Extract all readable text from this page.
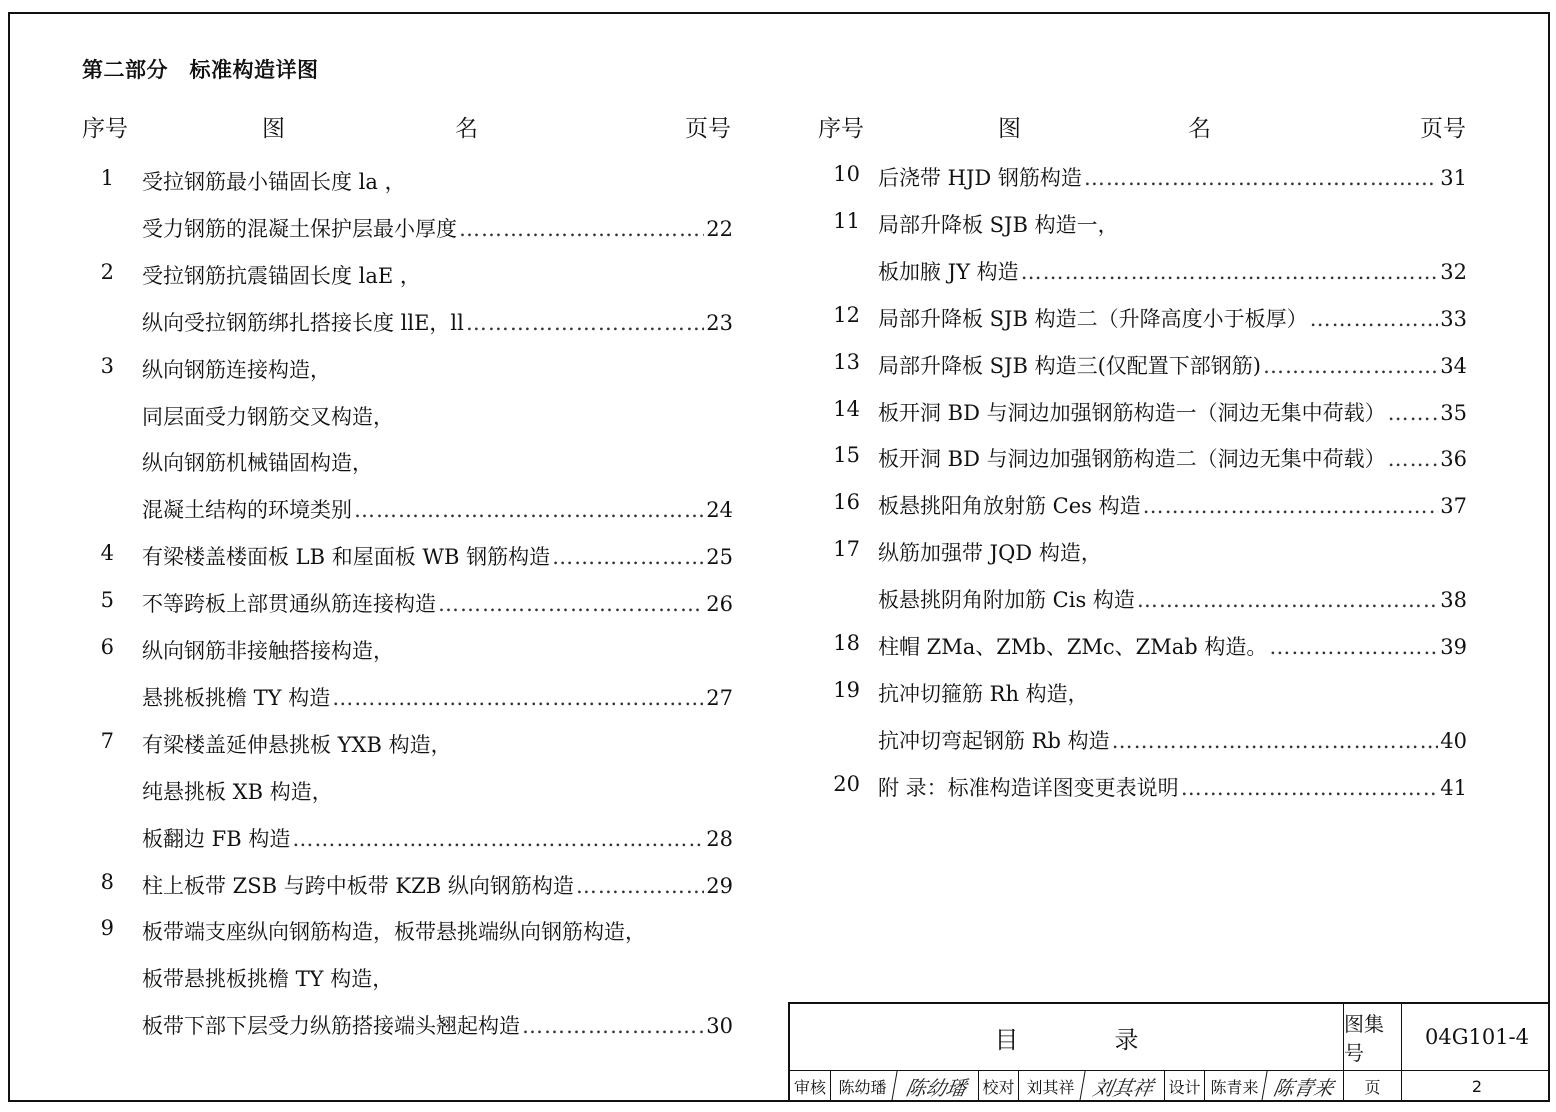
第二部分　标准构造详图
序号	图	名	页号	序号	图	名	页号
1 受拉钢筋最小锚固长度 la ，
受力钢筋的混凝土保护层最小厚度 ………………………………………………………………………………………………………………………………………………	22
2 受拉钢筋抗震锚固长度 laE ，
纵向受拉钢筋绑扎搭接长度 llE，ll ………………………………………………………………………………………………………………………………………………	23
3 纵向钢筋连接构造，
同层面受力钢筋交叉构造，
纵向钢筋机械锚固构造，
混凝土结构的环境类别 ………………………………………………………………………………………………………………………………………………	24
4 有梁楼盖楼面板 LB 和屋面板 WB 钢筋构造 ………………………………………………………………………………………………………………………………………………	25
5 不等跨板上部贯通纵筋连接构造 ………………………………………………………………………………………………………………………………………………	26
6 纵向钢筋非接触搭接构造，
悬挑板挑檐 TY 构造 ………………………………………………………………………………………………………………………………………………	27
7 有梁楼盖延伸悬挑板 YXB 构造，
纯悬挑板 XB 构造，
板翻边 FB 构造 ………………………………………………………………………………………………………………………………………………	28
8 柱上板带 ZSB 与跨中板带 KZB 纵向钢筋构造 ………………………………………………………………………………………………………………………………………………	29
9 板带端支座纵向钢筋构造，板带悬挑端纵向钢筋构造，
板带悬挑板挑檐 TY 构造，
板带下部下层受力纵筋搭接端头翘起构造 ………………………………………………………………………………………………………………………………………………	30
10 后浇带 HJD 钢筋构造 ………………………………………………………………………………………………………………………………………………	31
11 局部升降板 SJB 构造一，
板加腋 JY 构造 ………………………………………………………………………………………………………………………………………………	32
12 局部升降板 SJB 构造二（升降高度小于板厚） ………………………………………………………………………………………………………………………………………………	33
13 局部升降板 SJB 构造三(仅配置下部钢筋) ………………………………………………………………………………………………………………………………………………	34
14 板开洞 BD 与洞边加强钢筋构造一（洞边无集中荷载） ………………………………………………………………………………………………………………………………………………	35
15 板开洞 BD 与洞边加强钢筋构造二（洞边无集中荷载） ………………………………………………………………………………………………………………………………………………	36
16 板悬挑阳角放射筋 Ces 构造 ………………………………………………………………………………………………………………………………………………	37
17 纵筋加强带 JQD 构造，
板悬挑阴角附加筋 Cis 构造 ………………………………………………………………………………………………………………………………………………	38
18 柱帽 ZMa、ZMb、ZMc、ZMab 构造。 ………………………………………………………………………………………………………………………………………………	39
19 抗冲切箍筋 Rh 构造，
抗冲切弯起钢筋 Rb 构造 ………………………………………………………………………………………………………………………………………………	40
20 附 录：标准构造详图变更表说明 ………………………………………………………………………………………………………………………………………………	41
目　　　　录
图集号
04G101-4
审核 陈幼璠 陈幼璠 校对 刘其祥 刘其祥 设计 陈青来 陈青来	页	2
